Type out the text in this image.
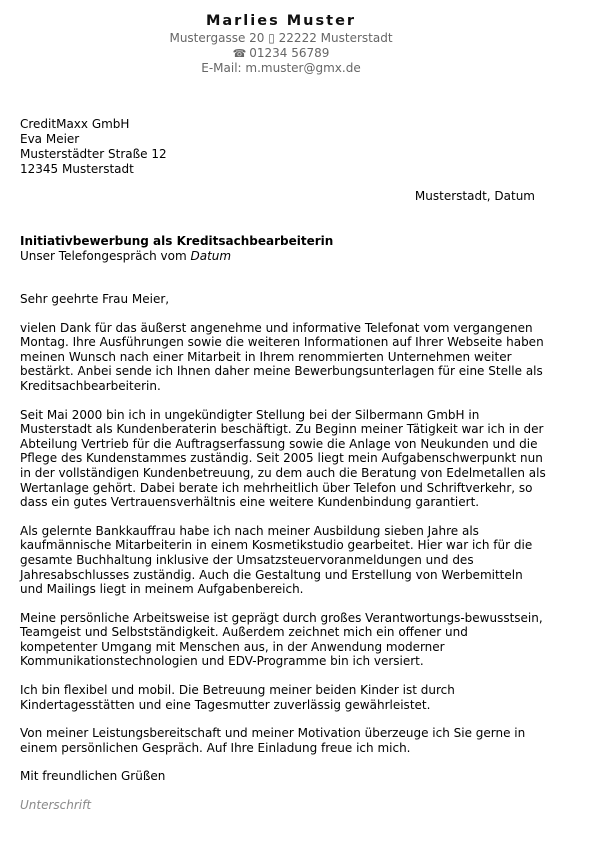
Marlies Muster
Mustergasse 20 ▯ 22222 Musterstadt
☎ 01234 56789
E-Mail: m.muster@gmx.de
CreditMaxx GmbH
Eva Meier
Musterstädter Straße 12
12345 Musterstadt
Musterstadt, Datum
Initiativbewerbung als Kreditsachbearbeiterin
Unser Telefongespräch vom Datum

Sehr geehrte Frau Meier,

vielen Dank für das äußerst angenehme und informative Telefonat vom vergangenen Montag. Ihre Ausführungen sowie die weiteren Informationen auf Ihrer Webseite haben meinen Wunsch nach einer Mitarbeit in Ihrem renommierten Unternehmen weiter bestärkt. Anbei sende ich Ihnen daher meine Bewerbungsunterlagen für eine Stelle als Kreditsachbearbeiterin.

Seit Mai 2000 bin ich in ungekündigter Stellung bei der Silbermann GmbH in Musterstadt als Kundenberaterin beschäftigt. Zu Beginn meiner Tätigkeit war ich in der Abteilung Vertrieb für die Auftragserfassung sowie die Anlage von Neukunden und die Pflege des Kundenstammes zuständig. Seit 2005 liegt mein Aufgabenschwerpunkt nun in der vollständigen Kundenbetreuung, zu dem auch die Beratung von Edelmetallen als Wertanlage gehört. Dabei berate ich mehrheitlich über Telefon und Schriftverkehr, so dass ein gutes Vertrauensverhältnis eine weitere Kundenbindung garantiert.

Als gelernte Bankkauffrau habe ich nach meiner Ausbildung sieben Jahre als kaufmännische Mitarbeiterin in einem Kosmetikstudio gearbeitet. Hier war ich für die gesamte Buchhaltung inklusive der Umsatzsteuervoranmeldungen und des Jahresabschlusses zuständig. Auch die Gestaltung und Erstellung von Werbemitteln und Mailings liegt in meinem Aufgabenbereich.

Meine persönliche Arbeitsweise ist geprägt durch großes Verantwortungs-bewusstsein, Teamgeist und Selbstständigkeit. Außerdem zeichnet mich ein offener und kompetenter Umgang mit Menschen aus, in der Anwendung moderner Kommunikationstechnologien und EDV-Programme bin ich versiert.

Ich bin flexibel und mobil. Die Betreuung meiner beiden Kinder ist durch Kindertagesstätten und eine Tagesmutter zuverlässig gewährleistet.

Von meiner Leistungsbereitschaft und meiner Motivation überzeuge ich Sie gerne in einem persönlichen Gespräch. Auf Ihre Einladung freue ich mich.

Mit freundlichen Grüßen

Unterschrift
